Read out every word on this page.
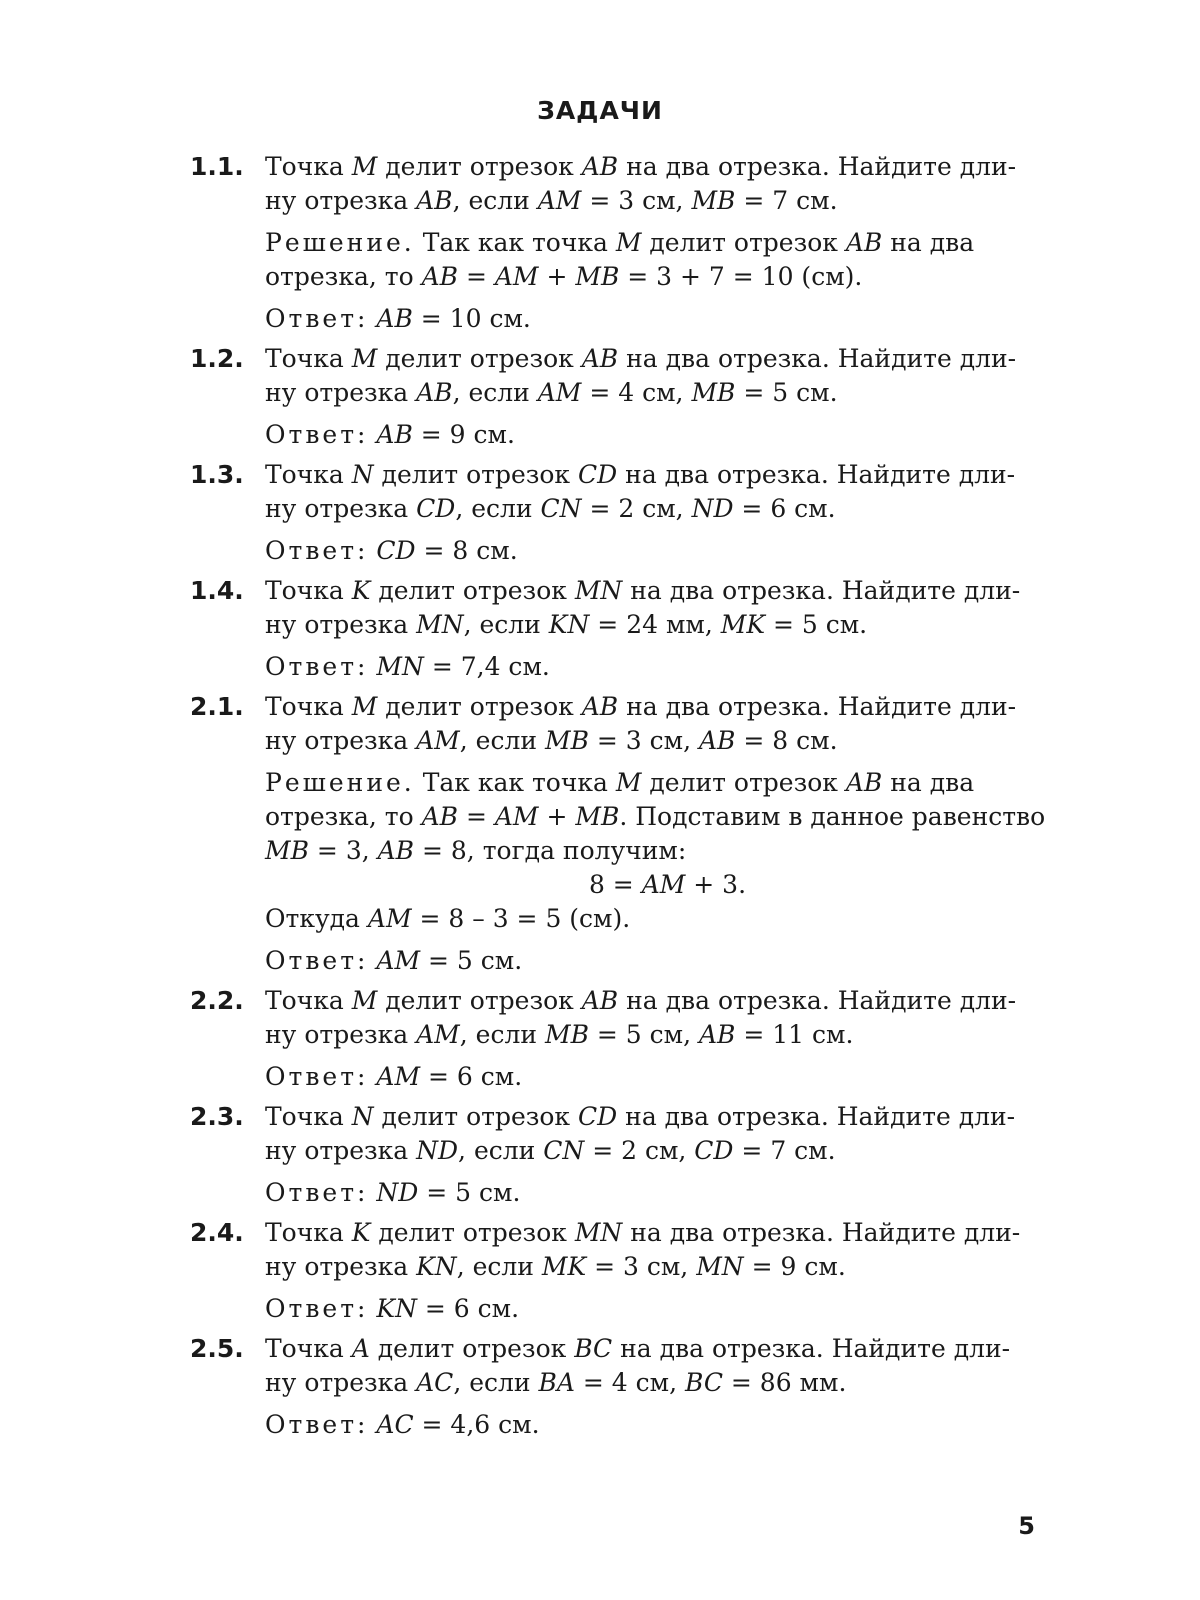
ЗАДАЧИ
1.1. Точка M делит отрезок AB на два отрезка. Найдите дли-
ну отрезка AB, если AM = 3 см, MB = 7 см.
Решение. Так как точка M делит отрезок AB на два отрезка, то AB = AM + MB = 3 + 7 = 10 (см).
Ответ: AB = 10 см.
1.2. Точка M делит отрезок AB на два отрезка. Найдите дли-
ну отрезка AB, если AM = 4 см, MB = 5 см.
Ответ: AB = 9 см.
1.3. Точка N делит отрезок CD на два отрезка. Найдите дли-
ну отрезка CD, если CN = 2 см, ND = 6 см.
Ответ: CD = 8 см.
1.4. Точка K делит отрезок MN на два отрезка. Найдите дли-
ну отрезка MN, если KN = 24 мм, MK = 5 см.
Ответ: MN = 7,4 см.
2.1. Точка M делит отрезок AB на два отрезка. Найдите дли-
ну отрезка AM, если MB = 3 см, AB = 8 см.
Решение. Так как точка M делит отрезок AB на два отрезка, то AB = AM + MB. Подставим в данное равенство MB = 3, AB = 8, тогда получим:
8 = AM + 3.
Откуда AM = 8 – 3 = 5 (см).
Ответ: AM = 5 см.
2.2. Точка M делит отрезок AB на два отрезка. Найдите дли-
ну отрезка AM, если MB = 5 см, AB = 11 см.
Ответ: AM = 6 см.
2.3. Точка N делит отрезок CD на два отрезка. Найдите дли-
ну отрезка ND, если CN = 2 см, CD = 7 см.
Ответ: ND = 5 см.
2.4. Точка K делит отрезок MN на два отрезка. Найдите дли-
ну отрезка KN, если MK = 3 см, MN = 9 см.
Ответ: KN = 6 см.
2.5. Точка A делит отрезок BC на два отрезка. Найдите дли-
ну отрезка AC, если BA = 4 см, BC = 86 мм.
Ответ: AC = 4,6 см.
5
